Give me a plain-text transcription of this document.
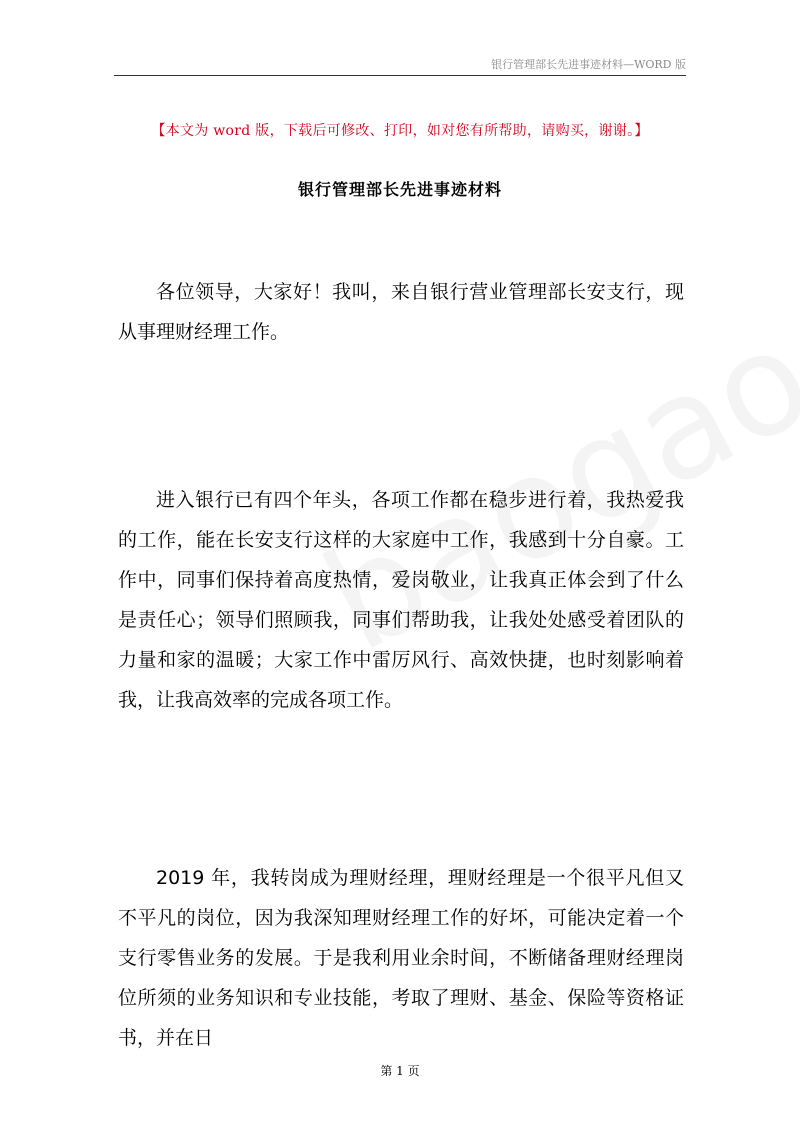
银行管理部长先进事迹材料—WORD 版
【本文为 word 版，下载后可修改、打印，如对您有所帮助，请购买，谢谢。】
银行管理部长先进事迹材料

各位领导，大家好！我叫，来自银行营业管理部长安支行，现从事理财经理工作。

进入银行已有四个年头，各项工作都在稳步进行着，我热爱我的工作，能在长安支行这样的大家庭中工作，我感到十分自豪。工作中，同事们保持着高度热情，爱岗敬业，让我真正体会到了什么是责任心；领导们照顾我，同事们帮助我，让我处处感受着团队的力量和家的温暖；大家工作中雷厉风行、高效快捷，也时刻影响着我，让我高效率的完成各项工作。

2019 年，我转岗成为理财经理，理财经理是一个很平凡但又不平凡的岗位，因为我深知理财经理工作的好坏，可能决定着一个支行零售业务的发展。于是我利用业余时间，不断储备理财经理岗位所须的业务知识和专业技能，考取了理财、基金、保险等资格证书，并在日

第 1 页
